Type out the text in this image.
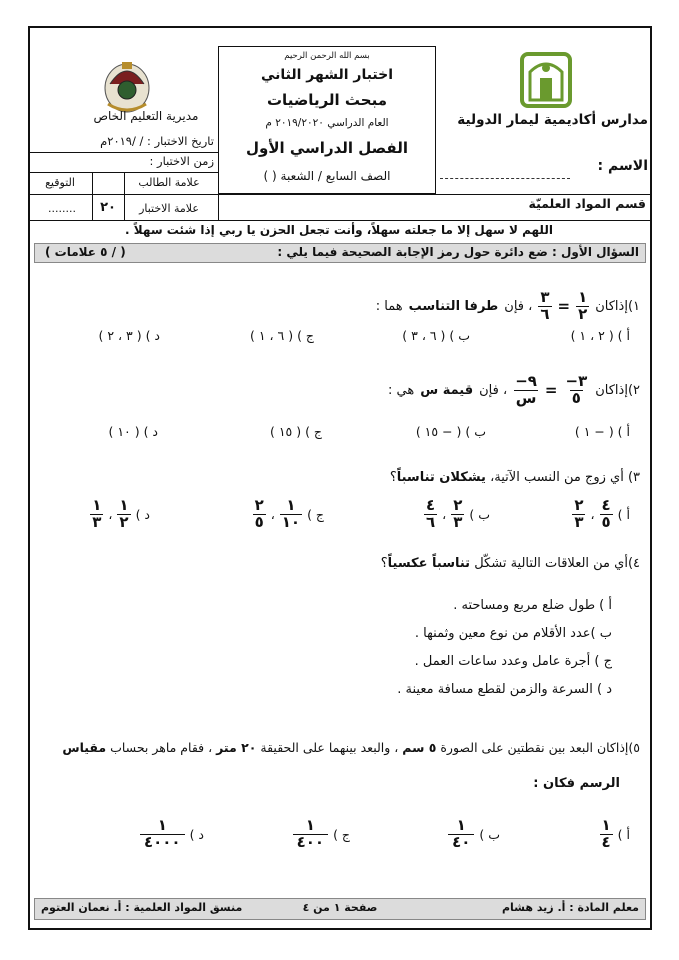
مديرية التعليم الخاص	مدارس أكاديمية ليمار الدولية
بسم الله الرحمن الرحيم
اختبار الشهر الثاني
مبحث الرياضيات
العام الدراسي ٢٠١٩/٢٠٢٠ م
الفصل الدراسي الأول
الصف السابع / الشعبة ( )
الاسم :
تاريخ الاختبار : / /٢٠١٩م
زمن الاختبار :
علامة الطالب
التوقيع
علامة الاختبار
٢٠
........	قسم المواد العلميّة
اللهم لا سهل إلا ما جعلته سهلاً، وأنت تجعل الحزن يا ربي إذا شئت سهلاً .
السؤال الأول : ضع دائرة حول رمز الإجابة الصحيحة فيما يلي :
( / ٥ علامات )
١)إذاكان
$\frac{١}{٢}$
=
$\frac{٣}{٦}$
، فإن
طرفا التناسب
هما :
أ ) ( ٢ ، ١ )
ب ) ( ٦ ، ٣ )
ج ) ( ٦ ، ١ )
د ) ( ٣ ، ٢ )
٢)إذاكان
$\frac{٣-}{٥}$
=
$\frac{٩-}{\text{س}}$
، فإن
قيمة س
هي :
أ ) ( − ١ )
ب ) ( − ١٥ )
ج ) ( ١٥ )
د ) ( ١٠ )
٣) أي زوج من النسب الآتية، يشكلان تناسباً؟
أ )
$\frac{٤}{٥}$
،
$\frac{٢}{٣}$
ب )
$\frac{٢}{٣}$
،
$\frac{٤}{٦}$
ج )
$\frac{١}{١٠}$
،
$\frac{٢}{٥}$
د )
$\frac{١}{٢}$
،
$\frac{١}{٣}$
٤)أي من العلاقات التالية تشكّل تناسباً عكسياً؟
أ ) طول ضلع مربع ومساحته .
ب )عدد الأقلام من نوع معين وثمنها .
ج ) أجرة عامل وعدد ساعات العمل .
د ) السرعة والزمن لقطع مسافة معينة .
٥)إذاكان البعد بين نقطتين على الصورة ٥ سم ، والبعد بينهما على الحقيقة ٢٠ متر ، فقام ماهر بحساب مقياس
الرسم فكان :
أ )
$\frac{١}{٤}$
ب )
$\frac{١}{٤٠}$
ج )
$\frac{١}{٤٠٠}$
د )
$\frac{١}{٤٠٠٠}$
معلم المادة : أ. زيد هشام
صفحة ١ من ٤
منسق المواد العلمية : أ. نعمان العتوم
